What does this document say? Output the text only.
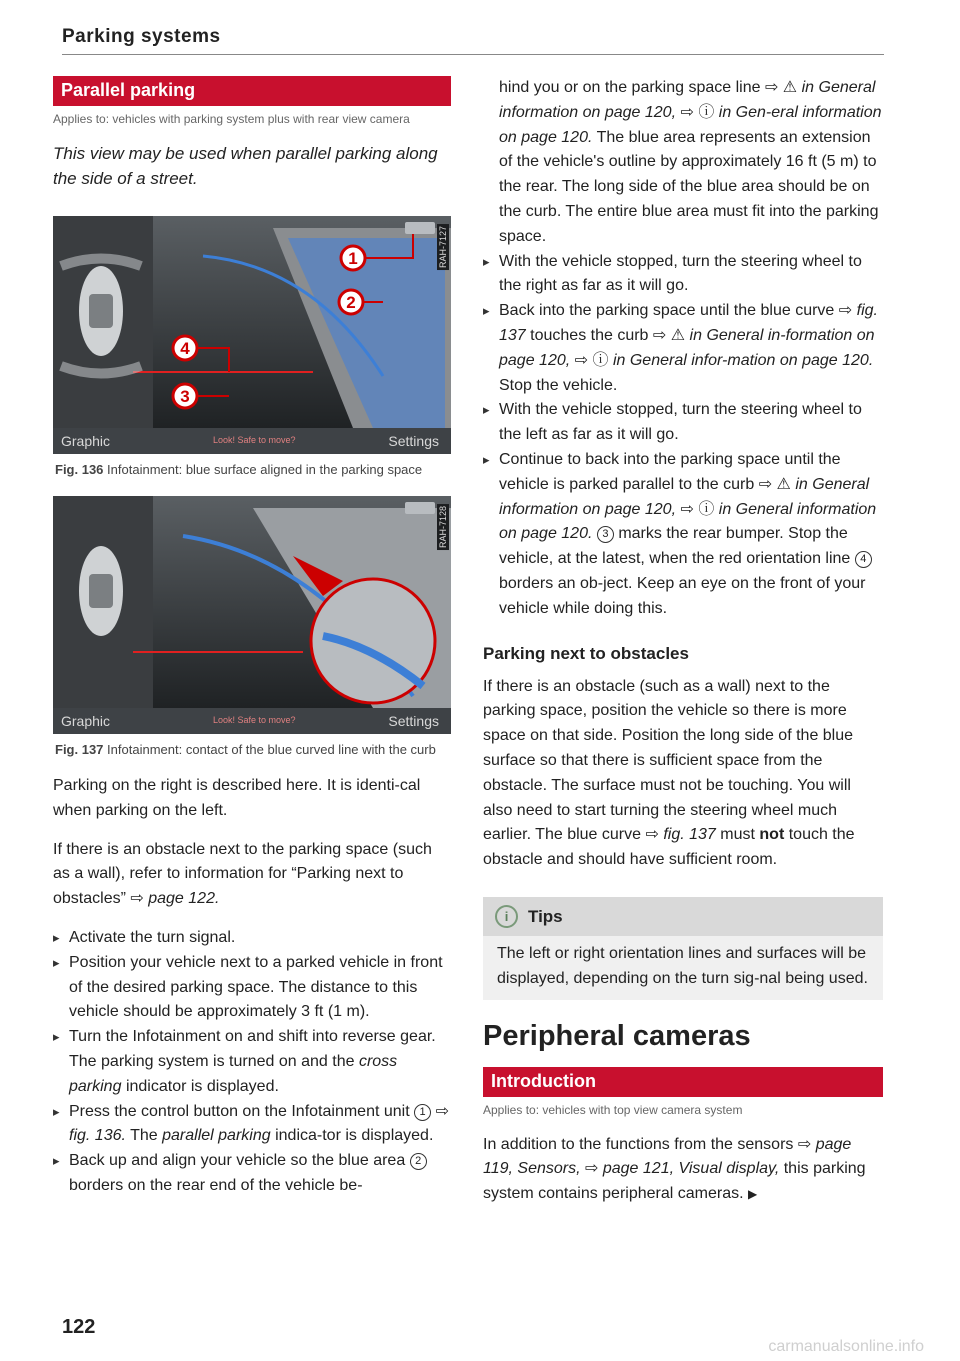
Parking systems
Parallel parking

Applies to: vehicles with parking system plus with rear view camera

This view may be used when parallel parking along the side of a street.

1
2
3
4
RAH-7127
Graphic	Look! Safe to move?	Settings

Fig. 136 Infotainment: blue surface aligned in the parking space

RAH-7128
Graphic	Look! Safe to move?	Settings

Fig. 137 Infotainment: contact of the blue curved line with the curb

Parking on the right is described here. It is identi-cal when parking on the left.

If there is an obstacle next to the parking space (such as a wall), refer to information for “Parking next to obstacles” ⇨ page 122.

▸ Activate the turn signal.
▸ Position your vehicle next to a parked vehicle in front of the desired parking space. The distance to this vehicle should be approximately 3 ft (1 m).
▸ Turn the Infotainment on and shift into reverse gear. The parking system is turned on and the cross parking indicator is displayed.
▸ Press the control button on the Infotainment unit 1 ⇨ fig. 136. The parallel parking indica-tor is displayed.
▸ Back up and align your vehicle so the blue area 2 borders on the rear end of the vehicle be-

hind you or on the parking space line ⇨ ⚠ in General information on page 120, ⇨ ⓘ in Gen-eral information on page 120. The blue area represents an extension of the vehicle's outline by approximately 16 ft (5 m) to the rear. The long side of the blue area should be on the curb. The entire blue area must fit into the parking space.

▸ With the vehicle stopped, turn the steering wheel to the right as far as it will go.
▸ Back into the parking space until the blue curve ⇨ fig. 137 touches the curb ⇨ ⚠ in General in-formation on page 120, ⇨ ⓘ in General infor-mation on page 120. Stop the vehicle.
▸ With the vehicle stopped, turn the steering wheel to the left as far as it will go.
▸ Continue to back into the parking space until the vehicle is parked parallel to the curb ⇨ ⚠ in General information on page 120, ⇨ ⓘ in General information on page 120. 3 marks the rear bumper. Stop the vehicle, at the latest, when the red orientation line 4 borders an ob-ject. Keep an eye on the front of your vehicle while doing this.
Parking next to obstacles

If there is an obstacle (such as a wall) next to the parking space, position the vehicle so there is more space on that side. Position the long side of the blue surface so that there is sufficient space from the obstacle. The surface must not be touching. You will also need to start turning the steering wheel much earlier. The blue curve ⇨ fig. 137 must not touch the obstacle and should have sufficient room.

i Tips
The left or right orientation lines and surfaces will be displayed, depending on the turn sig-nal being used.
Peripheral cameras
Introduction

Applies to: vehicles with top view camera system

In addition to the functions from the sensors ⇨ page 119, Sensors, ⇨ page 121, Visual display, this parking system contains peripheral cameras. ▶

122
carmanualsonline.info
